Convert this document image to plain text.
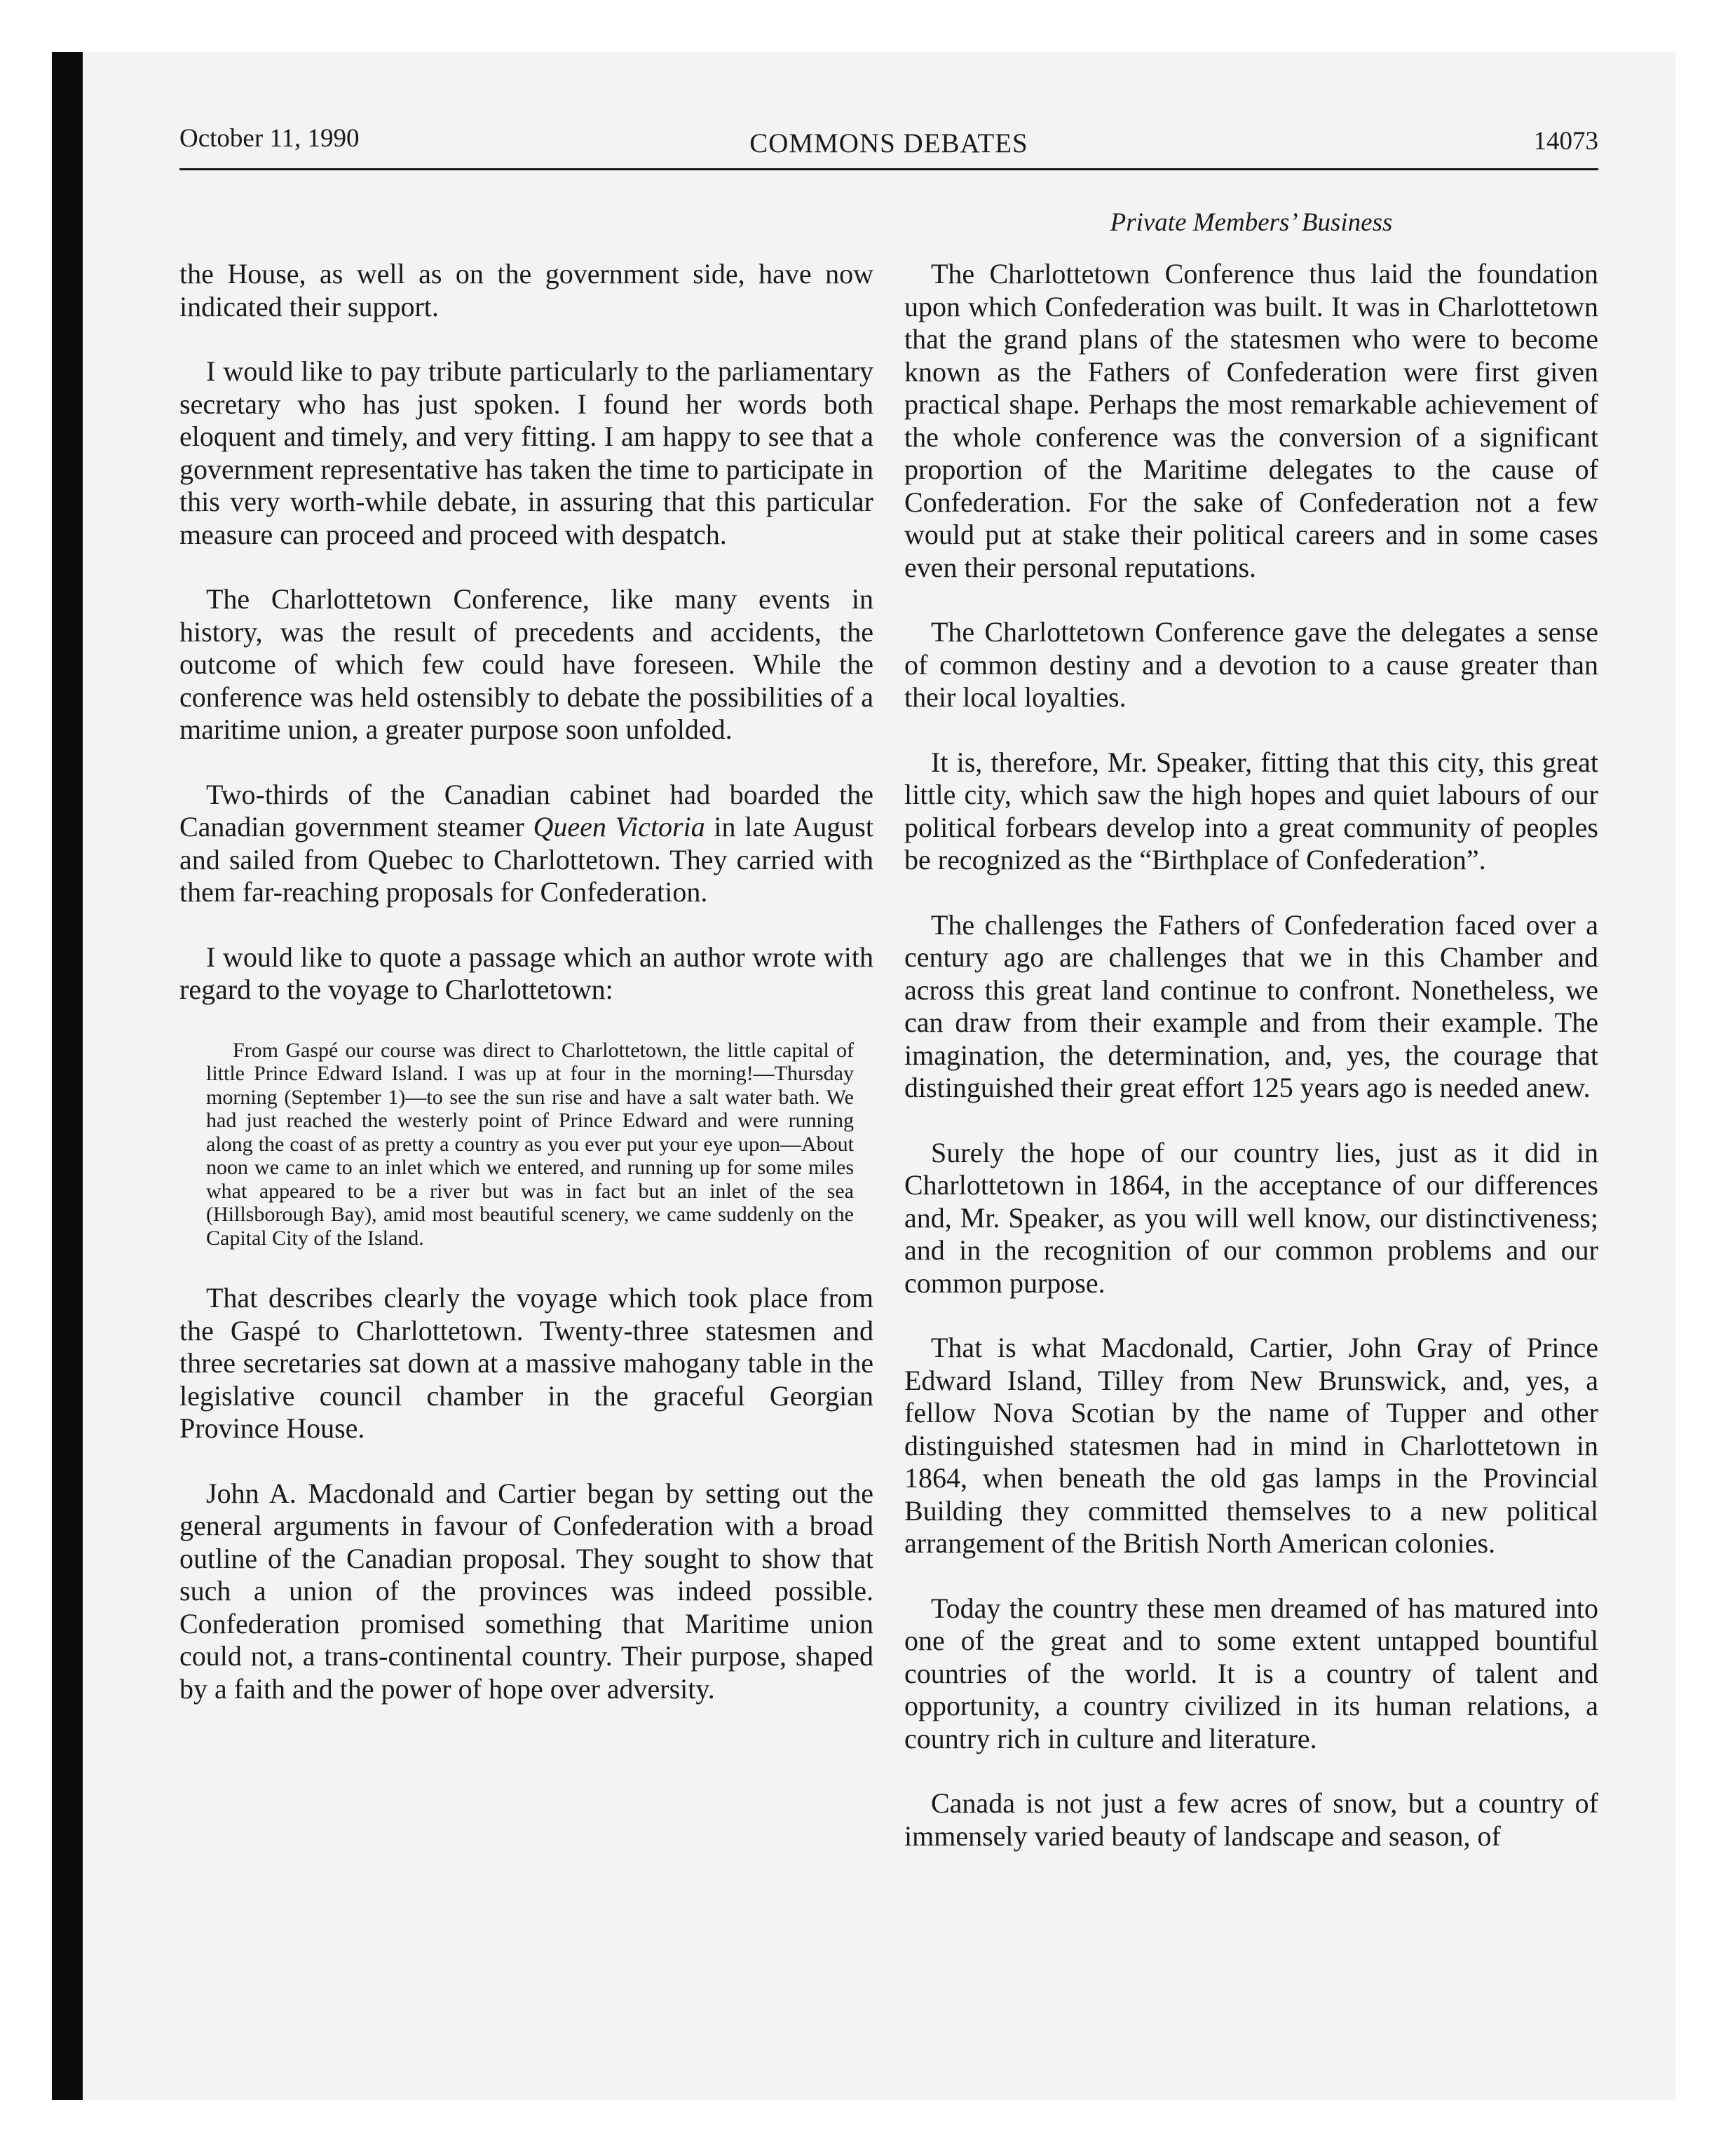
October 11, 1990	COMMONS DEBATES	14073
Private Members’ Business

the House, as well as on the government side, have now indicated their support.

I would like to pay tribute particularly to the parliamentary secretary who has just spoken. I found her words both eloquent and timely, and very fitting. I am happy to see that a government representative has taken the time to participate in this very worth-while debate, in assuring that this particular measure can proceed and proceed with despatch.

The Charlottetown Conference, like many events in history, was the result of precedents and accidents, the outcome of which few could have foreseen. While the conference was held ostensibly to debate the possibilities of a maritime union, a greater purpose soon unfolded.

Two-thirds of the Canadian cabinet had boarded the Canadian government steamer Queen Victoria in late August and sailed from Quebec to Charlottetown. They carried with them far-reaching proposals for Confederation.

I would like to quote a passage which an author wrote with regard to the voyage to Charlottetown:

From Gaspé our course was direct to Charlottetown, the little capital of little Prince Edward Island. I was up at four in the morning!—Thursday morning (September 1)—to see the sun rise and have a salt water bath. We had just reached the westerly point of Prince Edward and were running along the coast of as pretty a country as you ever put your eye upon—About noon we came to an inlet which we entered, and running up for some miles what appeared to be a river but was in fact but an inlet of the sea (Hillsborough Bay), amid most beautiful scenery, we came suddenly on the Capital City of the Island.

That describes clearly the voyage which took place from the Gaspé to Charlottetown. Twenty-three statesmen and three secretaries sat down at a massive mahogany table in the legislative council chamber in the graceful Georgian Province House.

John A. Macdonald and Cartier began by setting out the general arguments in favour of Confederation with a broad outline of the Canadian proposal. They sought to show that such a union of the provinces was indeed possible. Confederation promised something that Maritime union could not, a trans-continental country. Their purpose, shaped by a faith and the power of hope over adversity.

The Charlottetown Conference thus laid the foundation upon which Confederation was built. It was in Charlottetown that the grand plans of the statesmen who were to become known as the Fathers of Confederation were first given practical shape. Perhaps the most remarkable achievement of the whole conference was the conversion of a significant proportion of the Maritime delegates to the cause of Confederation. For the sake of Confederation not a few would put at stake their political careers and in some cases even their personal reputations.

The Charlottetown Conference gave the delegates a sense of common destiny and a devotion to a cause greater than their local loyalties.

It is, therefore, Mr. Speaker, fitting that this city, this great little city, which saw the high hopes and quiet labours of our political forbears develop into a great community of peoples be recognized as the “Birthplace of Confederation”.

The challenges the Fathers of Confederation faced over a century ago are challenges that we in this Chamber and across this great land continue to confront. Nonetheless, we can draw from their example and from their example. The imagination, the determination, and, yes, the courage that distinguished their great effort 125 years ago is needed anew.

Surely the hope of our country lies, just as it did in Charlottetown in 1864, in the acceptance of our differences and, Mr. Speaker, as you will well know, our distinctiveness; and in the recognition of our common problems and our common purpose.

That is what Macdonald, Cartier, John Gray of Prince Edward Island, Tilley from New Brunswick, and, yes, a fellow Nova Scotian by the name of Tupper and other distinguished statesmen had in mind in Charlottetown in 1864, when beneath the old gas lamps in the Provincial Building they committed themselves to a new political arrangement of the British North American colonies.

Today the country these men dreamed of has matured into one of the great and to some extent untapped bountiful countries of the world. It is a country of talent and opportunity, a country civilized in its human relations, a country rich in culture and literature.

Canada is not just a few acres of snow, but a country of immensely varied beauty of landscape and season, of
